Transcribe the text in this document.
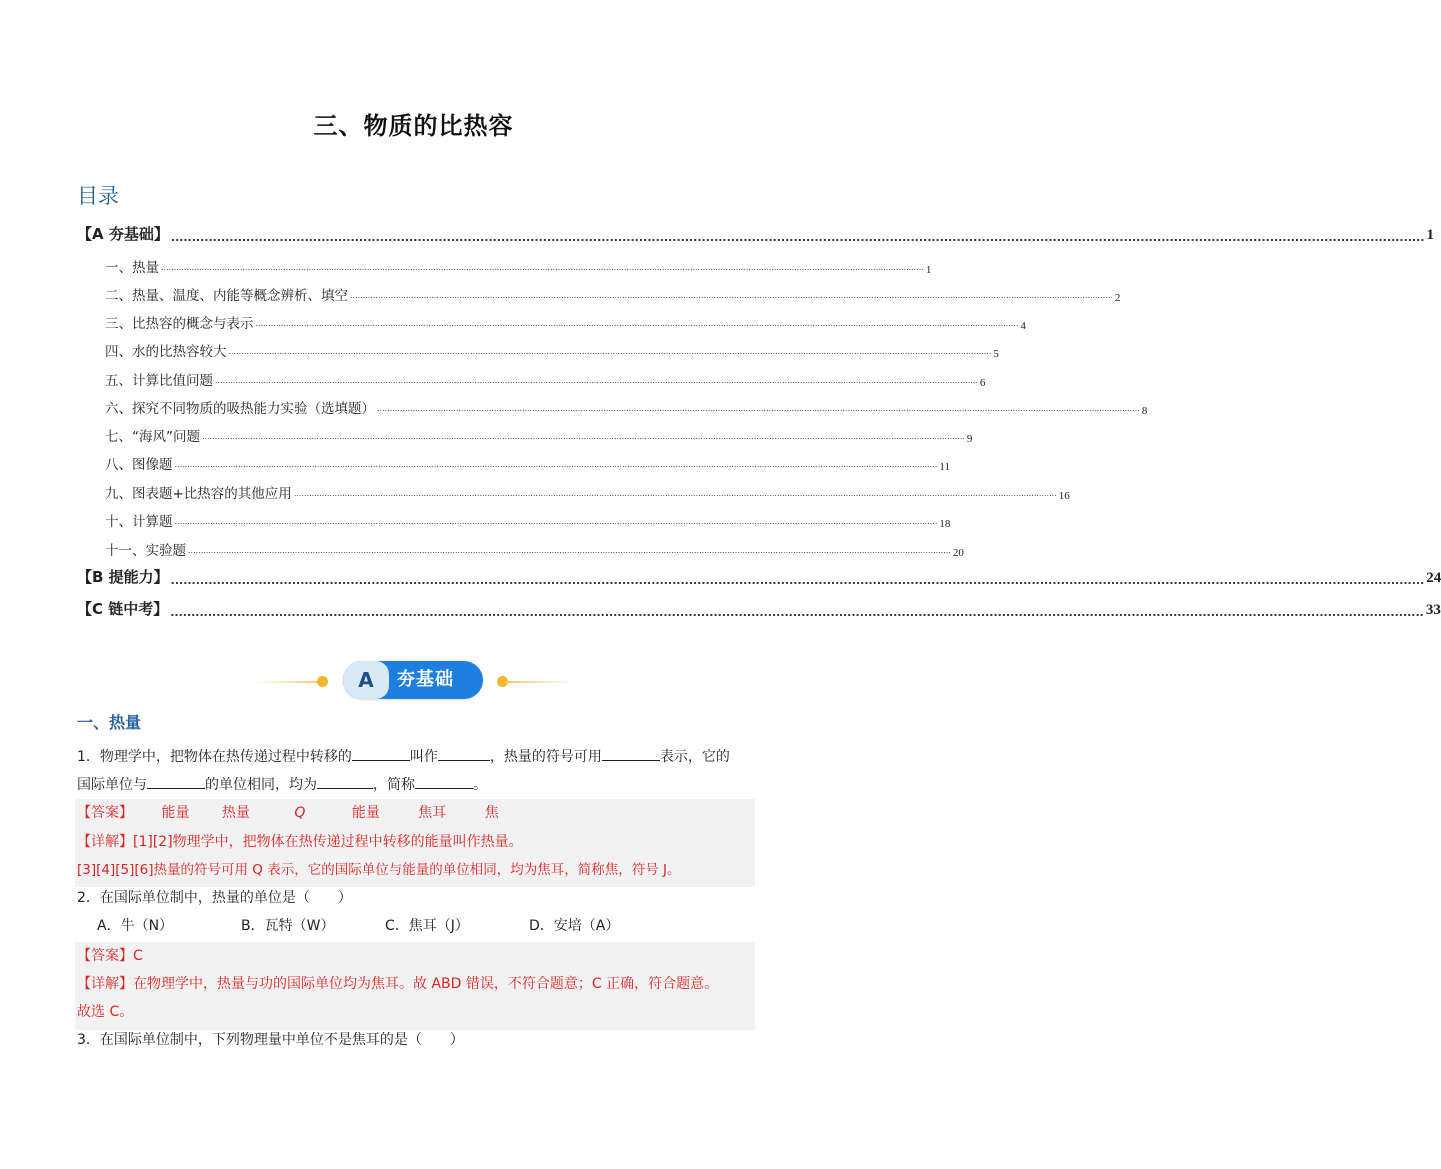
三、物质的比热容
目录
【A 夯基础】 ............................................................................................................................................................................................................................................................................................................ 1
一、热量 ............................................................................................................................................................................................................................................................................................................ 1
二、热量、温度、内能等概念辨析、填空 ............................................................................................................................................................................................................................................................................................................ 2
三、比热容的概念与表示 ............................................................................................................................................................................................................................................................................................................ 4
四、水的比热容较大 ............................................................................................................................................................................................................................................................................................................ 5
五、计算比值问题 ............................................................................................................................................................................................................................................................................................................ 6
六、探究不同物质的吸热能力实验（选填题） ............................................................................................................................................................................................................................................................................................................ 8
七、“海风”问题 ............................................................................................................................................................................................................................................................................................................ 9
八、图像题 ............................................................................................................................................................................................................................................................................................................ 11
九、图表题+比热容的其他应用 ............................................................................................................................................................................................................................................................................................................ 16
十、计算题 ............................................................................................................................................................................................................................................................................................................ 18
十一、实验题 ............................................................................................................................................................................................................................................................................................................ 20
【B 提能力】 ............................................................................................................................................................................................................................................................................................................ 24
【C 链中考】 ............................................................................................................................................................................................................................................................................................................ 33
A	夯基础
一、热量
1．物理学中，把物体在热传递过程中转移的	叫作	，热量的符号可用	表示，它的
国际单位与	的单位相同，均为	，简称	。
【答案】 能量 热量	Q	能量	焦耳	焦
【详解】[1][2]物理学中，把物体在热传递过程中转移的能量叫作热量。
[3][4][5][6]热量的符号可用 Q 表示，它的国际单位与能量的单位相同，均为焦耳，简称焦，符号 J。
2．在国际单位制中，热量的单位是（　　）
A．牛（N）	B．瓦特（W）	C．焦耳（J）	D．安培（A）
【答案】C
【详解】在物理学中，热量与功的国际单位均为焦耳。故 ABD 错误，不符合题意；C 正确，符合题意。
故选 C。
3．在国际单位制中，下列物理量中单位不是焦耳的是（　　）
